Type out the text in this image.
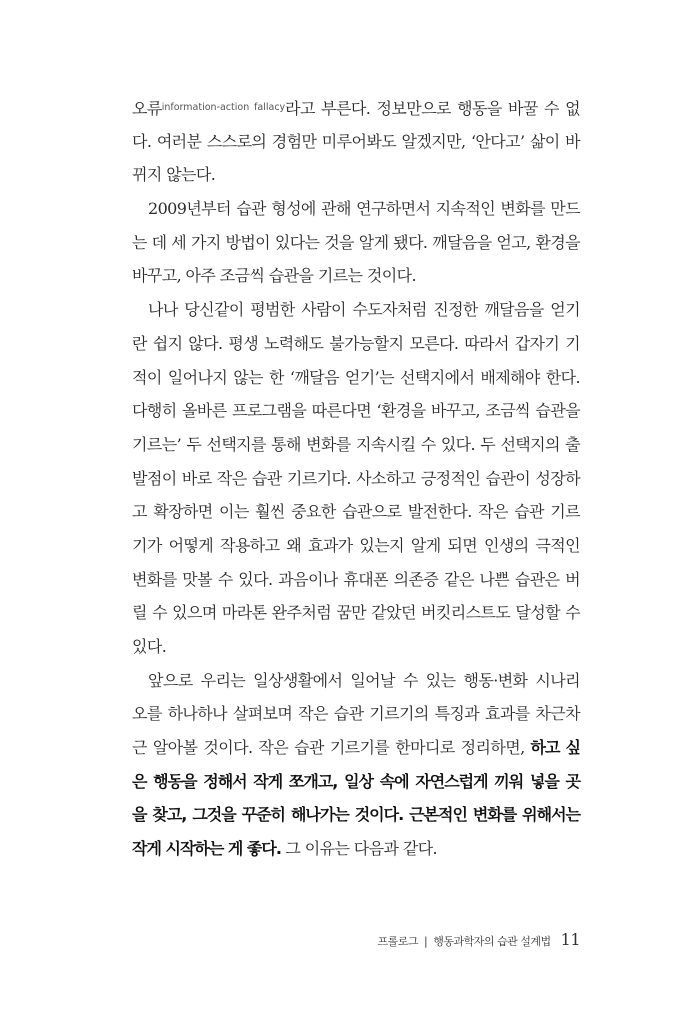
오류$^{information-action fallacy}$라고 부른다. 정보만으로 행동을 바꿀 수 없
다. 여러분 스스로의 경험만 미루어봐도 알겠지만, ‘안다고’ 삶이 바
뀌지 않는다.
2009년부터 습관 형성에 관해 연구하면서 지속적인 변화를 만드
는 데 세 가지 방법이 있다는 것을 알게 됐다. 깨달음을 얻고, 환경을
바꾸고, 아주 조금씩 습관을 기르는 것이다.
나나 당신같이 평범한 사람이 수도자처럼 진정한 깨달음을 얻기
란 쉽지 않다. 평생 노력해도 불가능할지 모른다. 따라서 갑자기 기
적이 일어나지 않는 한 ‘깨달음 얻기’는 선택지에서 배제해야 한다.
다행히 올바른 프로그램을 따른다면 ‘환경을 바꾸고, 조금씩 습관을
기르는’ 두 선택지를 통해 변화를 지속시킬 수 있다. 두 선택지의 출
발점이 바로 작은 습관 기르기다. 사소하고 긍정적인 습관이 성장하
고 확장하면 이는 훨씬 중요한 습관으로 발전한다. 작은 습관 기르
기가 어떻게 작용하고 왜 효과가 있는지 알게 되면 인생의 극적인
변화를 맛볼 수 있다. 과음이나 휴대폰 의존증 같은 나쁜 습관은 버
릴 수 있으며 마라톤 완주처럼 꿈만 같았던 버킷리스트도 달성할 수
있다.
앞으로 우리는 일상생활에서 일어날 수 있는 행동·변화 시나리
오를 하나하나 살펴보며 작은 습관 기르기의 특징과 효과를 차근차
근 알아볼 것이다. 작은 습관 기르기를 한마디로 정리하면, 하고 싶
은 행동을 정해서 작게 쪼개고, 일상 속에 자연스럽게 끼워 넣을 곳
을 찾고, 그것을 꾸준히 해나가는 것이다. 근본적인 변화를 위해서는
작게 시작하는 게 좋다. 그 이유는 다음과 같다.
프롤로그 | 행동과학자의 습관 설계법 11
